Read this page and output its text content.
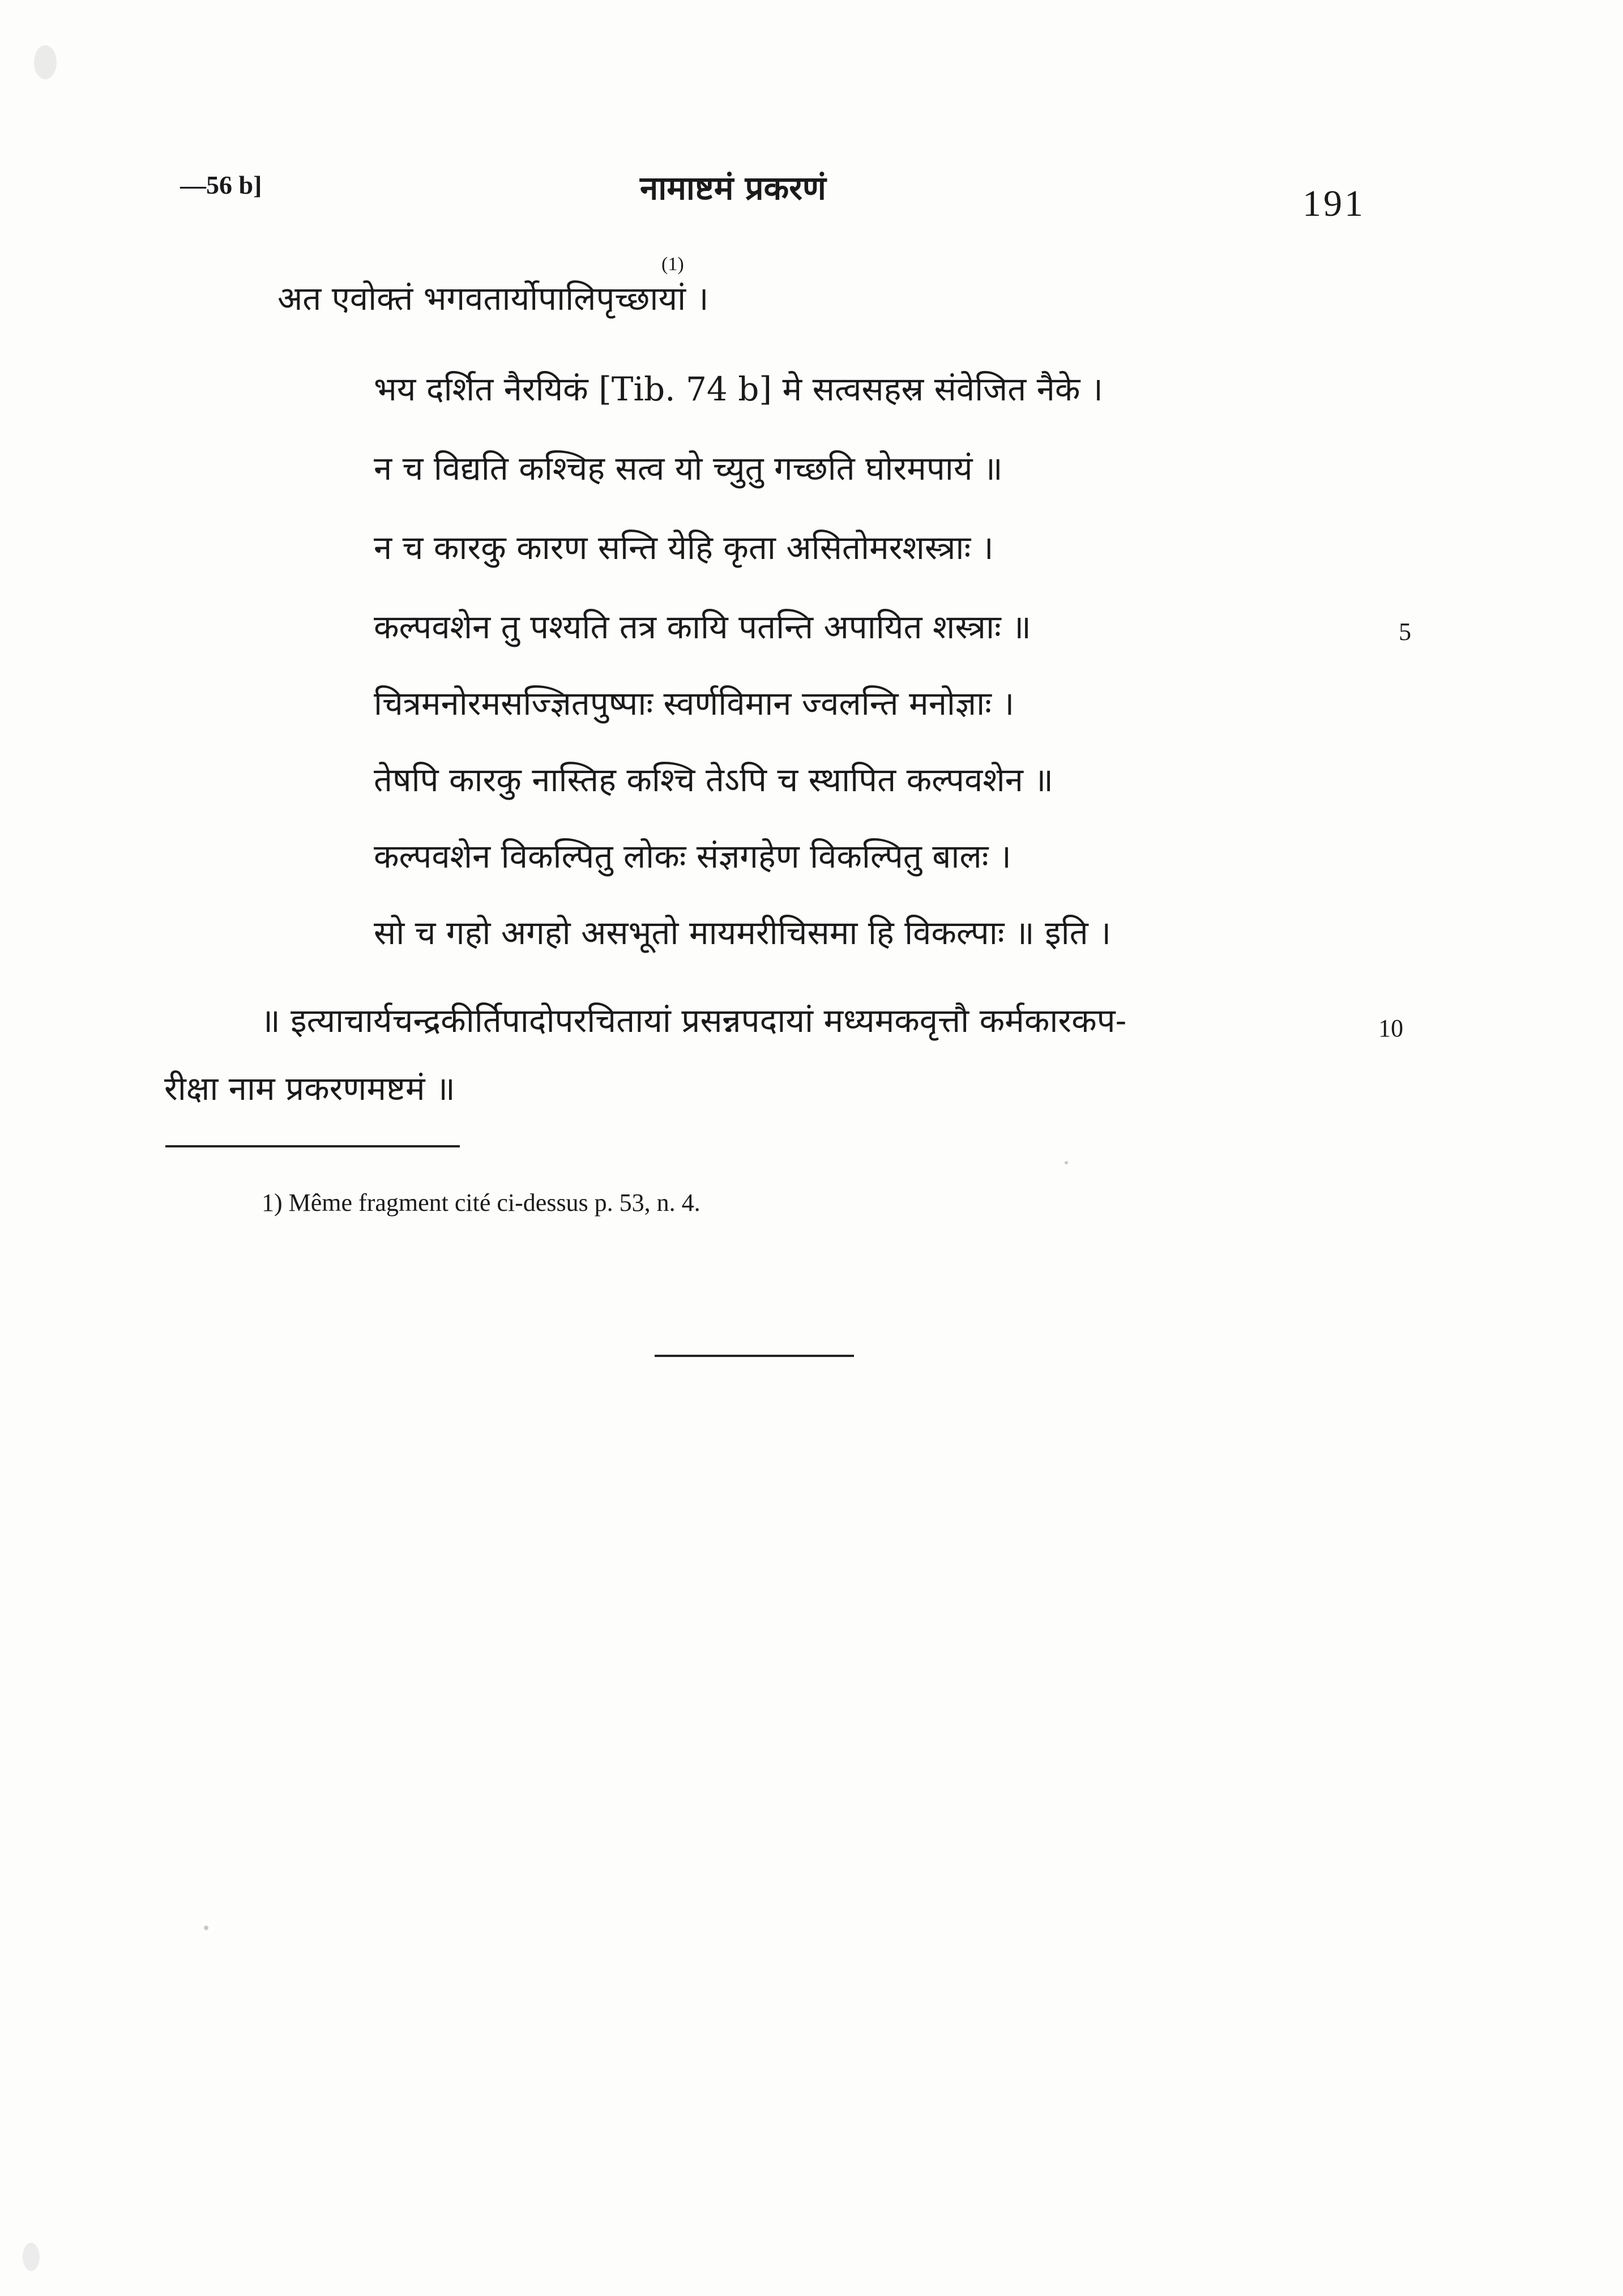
—56 b]	नामाष्टमं प्रकरणं	191
(1)
अत एवोक्तं भगवतार्योपालिपृच्छायां ।
भय दर्शित नैरयिकं [Tib. 74 b] मे सत्वसहस्र संवेजित नैके ।
न च विद्यति कश्चिह सत्व यो च्युतु गच्छति घोरमपायं ॥
न च कारकु कारण सन्ति येहि कृता असितोमरशस्त्राः ।
कल्पवशेन तु पश्यति तत्र कायि पतन्ति अपायित शस्त्राः ॥
चित्रमनोरमसज्ज्ञितपुष्पाः स्वर्णविमान ज्वलन्ति मनोज्ञाः ।
तेषपि कारकु नास्तिह कश्चि तेऽपि च स्थापित कल्पवशेन ॥
कल्पवशेन विकल्पितु लोकः संज्ञगहेण विकल्पितु बालः ।
सो च गहो अगहो असभूतो मायमरीचिसमा हि विकल्पाः ॥ इति ।
5
10
॥ इत्याचार्यचन्द्रकीर्तिपादोपरचितायां प्रसन्नपदायां मध्यमकवृत्तौ कर्मकारकप-
रीक्षा नाम प्रकरणमष्टमं ॥
1) Même fragment cité ci-dessus p. 53, n. 4.
